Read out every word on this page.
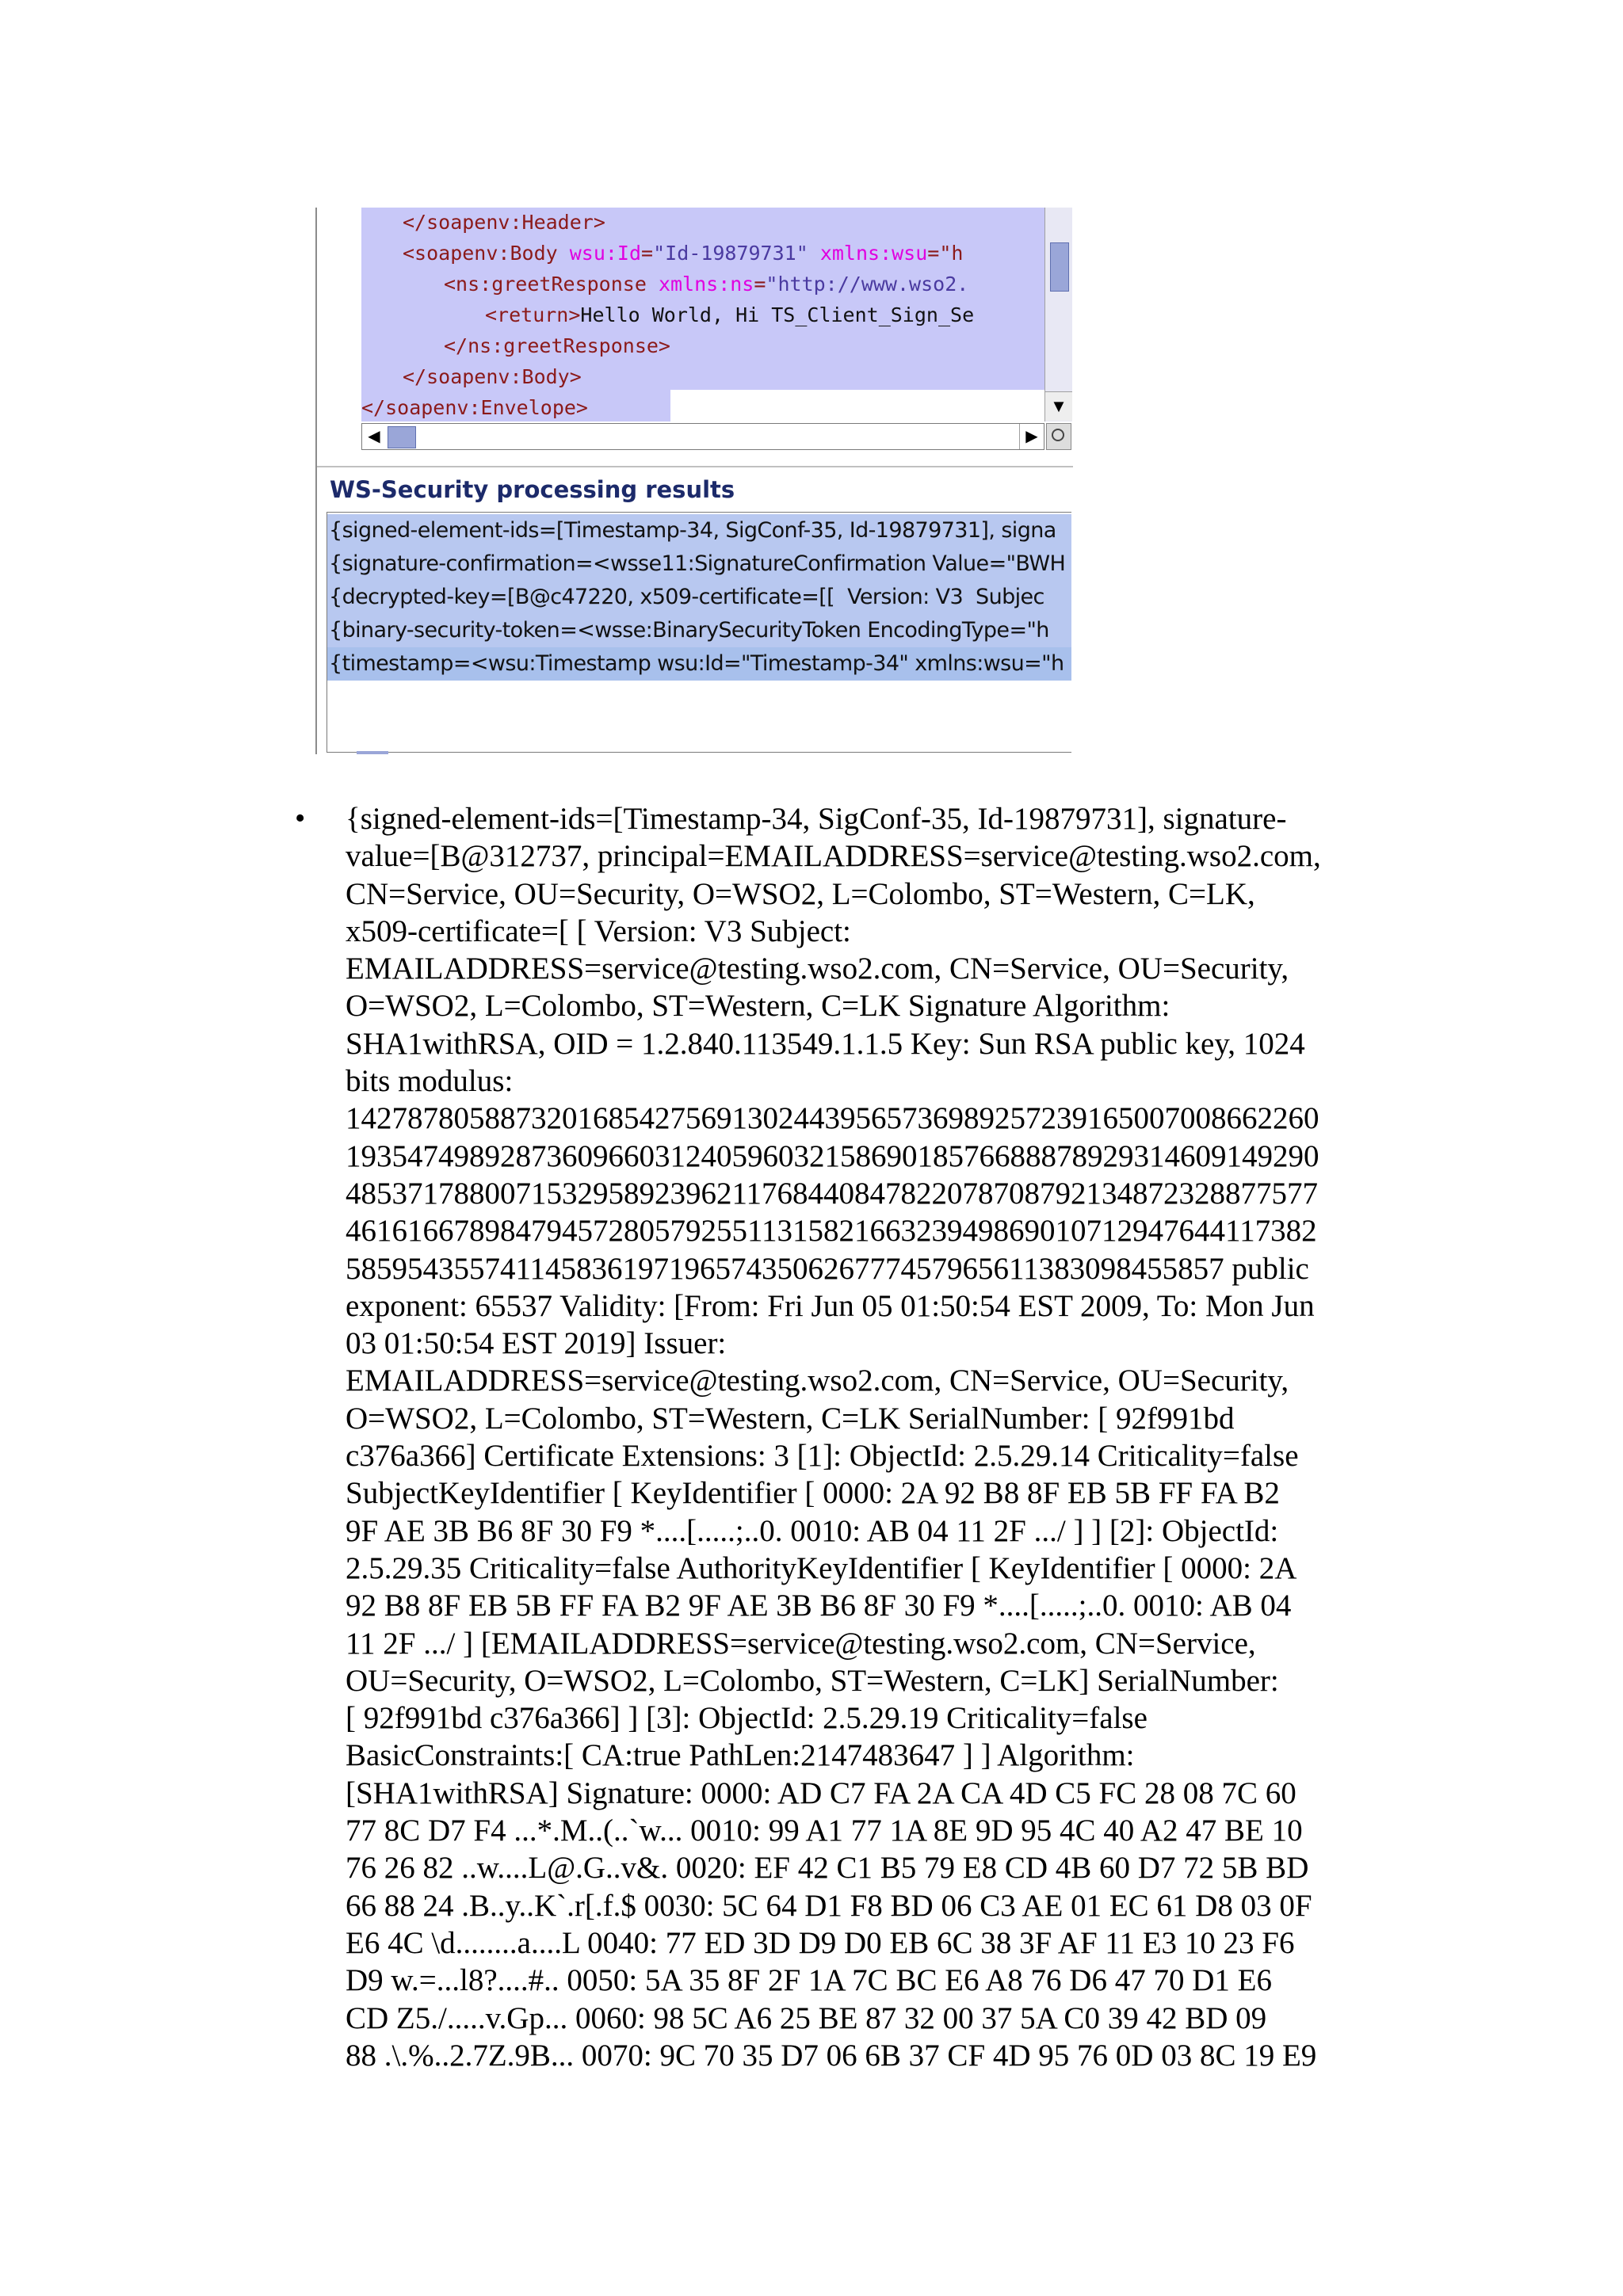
</soapenv:Header>
<soapenv:Body wsu:Id="Id-19879731" xmlns:wsu="h
<ns:greetResponse xmlns:ns="http://www.wso2.
<return>Hello World, Hi TS_Client_Sign_Se
</ns:greetResponse>
</soapenv:Body>
</soapenv:Envelope>	▼
◀	▶
WS-Security processing results
{signed-element-ids=[Timestamp-34, SigConf-35, Id-19879731], signa
{signature-confirmation=<wsse11:SignatureConfirmation Value="BWH
{decrypted-key=[B@c47220, x509-certificate=[[  Version: V3  Subjec
{binary-security-token=<wsse:BinarySecurityToken EncodingType="h
{timestamp=<wsu:Timestamp wsu:Id="Timestamp-34" xmlns:wsu="h
• {signed-element-ids=[Timestamp-34, SigConf-35, Id-19879731], signature-
value=[B@312737, principal=EMAILADDRESS=service@testing.wso2.com,
CN=Service, OU=Security, O=WSO2, L=Colombo, ST=Western, C=LK,
x509-certificate=[ [ Version: V3 Subject:
EMAILADDRESS=service@testing.wso2.com, CN=Service, OU=Security,
O=WSO2, L=Colombo, ST=Western, C=LK Signature Algorithm:
SHA1withRSA, OID = 1.2.840.113549.1.1.5 Key: Sun RSA public key, 1024
bits modulus:
142787805887320168542756913024439565736989257239165007008662260
193547498928736096603124059603215869018576688878929314609149290
485371788007153295892396211768440847822078708792134872328877577
461616678984794572805792551131582166323949869010712947644117382
585954355741145836197196574350626777457965611383098455857 public
exponent: 65537 Validity: [From: Fri Jun 05 01:50:54 EST 2009, To: Mon Jun
03 01:50:54 EST 2019] Issuer:
EMAILADDRESS=service@testing.wso2.com, CN=Service, OU=Security,
O=WSO2, L=Colombo, ST=Western, C=LK SerialNumber: [ 92f991bd
c376a366] Certificate Extensions: 3 [1]: ObjectId: 2.5.29.14 Criticality=false
SubjectKeyIdentifier [ KeyIdentifier [ 0000: 2A 92 B8 8F EB 5B FF FA B2
9F AE 3B B6 8F 30 F9 *....[.....;..0. 0010: AB 04 11 2F .../ ] ] [2]: ObjectId:
2.5.29.35 Criticality=false AuthorityKeyIdentifier [ KeyIdentifier [ 0000: 2A
92 B8 8F EB 5B FF FA B2 9F AE 3B B6 8F 30 F9 *....[.....;..0. 0010: AB 04
11 2F .../ ] [EMAILADDRESS=service@testing.wso2.com, CN=Service,
OU=Security, O=WSO2, L=Colombo, ST=Western, C=LK] SerialNumber:
[ 92f991bd c376a366] ] [3]: ObjectId: 2.5.29.19 Criticality=false
BasicConstraints:[ CA:true PathLen:2147483647 ] ] Algorithm:
[SHA1withRSA] Signature: 0000: AD C7 FA 2A CA 4D C5 FC 28 08 7C 60
77 8C D7 F4 ...*.M..(..`w... 0010: 99 A1 77 1A 8E 9D 95 4C 40 A2 47 BE 10
76 26 82 ..w....L@.G..v&. 0020: EF 42 C1 B5 79 E8 CD 4B 60 D7 72 5B BD
66 88 24 .B..y..K`.r[.f.$ 0030: 5C 64 D1 F8 BD 06 C3 AE 01 EC 61 D8 03 0F
E6 4C \d........a....L 0040: 77 ED 3D D9 D0 EB 6C 38 3F AF 11 E3 10 23 F6
D9 w.=...l8?....#.. 0050: 5A 35 8F 2F 1A 7C BC E6 A8 76 D6 47 70 D1 E6
CD Z5./.....v.Gp... 0060: 98 5C A6 25 BE 87 32 00 37 5A C0 39 42 BD 09
88 .\.%..2.7Z.9B... 0070: 9C 70 35 D7 06 6B 37 CF 4D 95 76 0D 03 8C 19 E9
